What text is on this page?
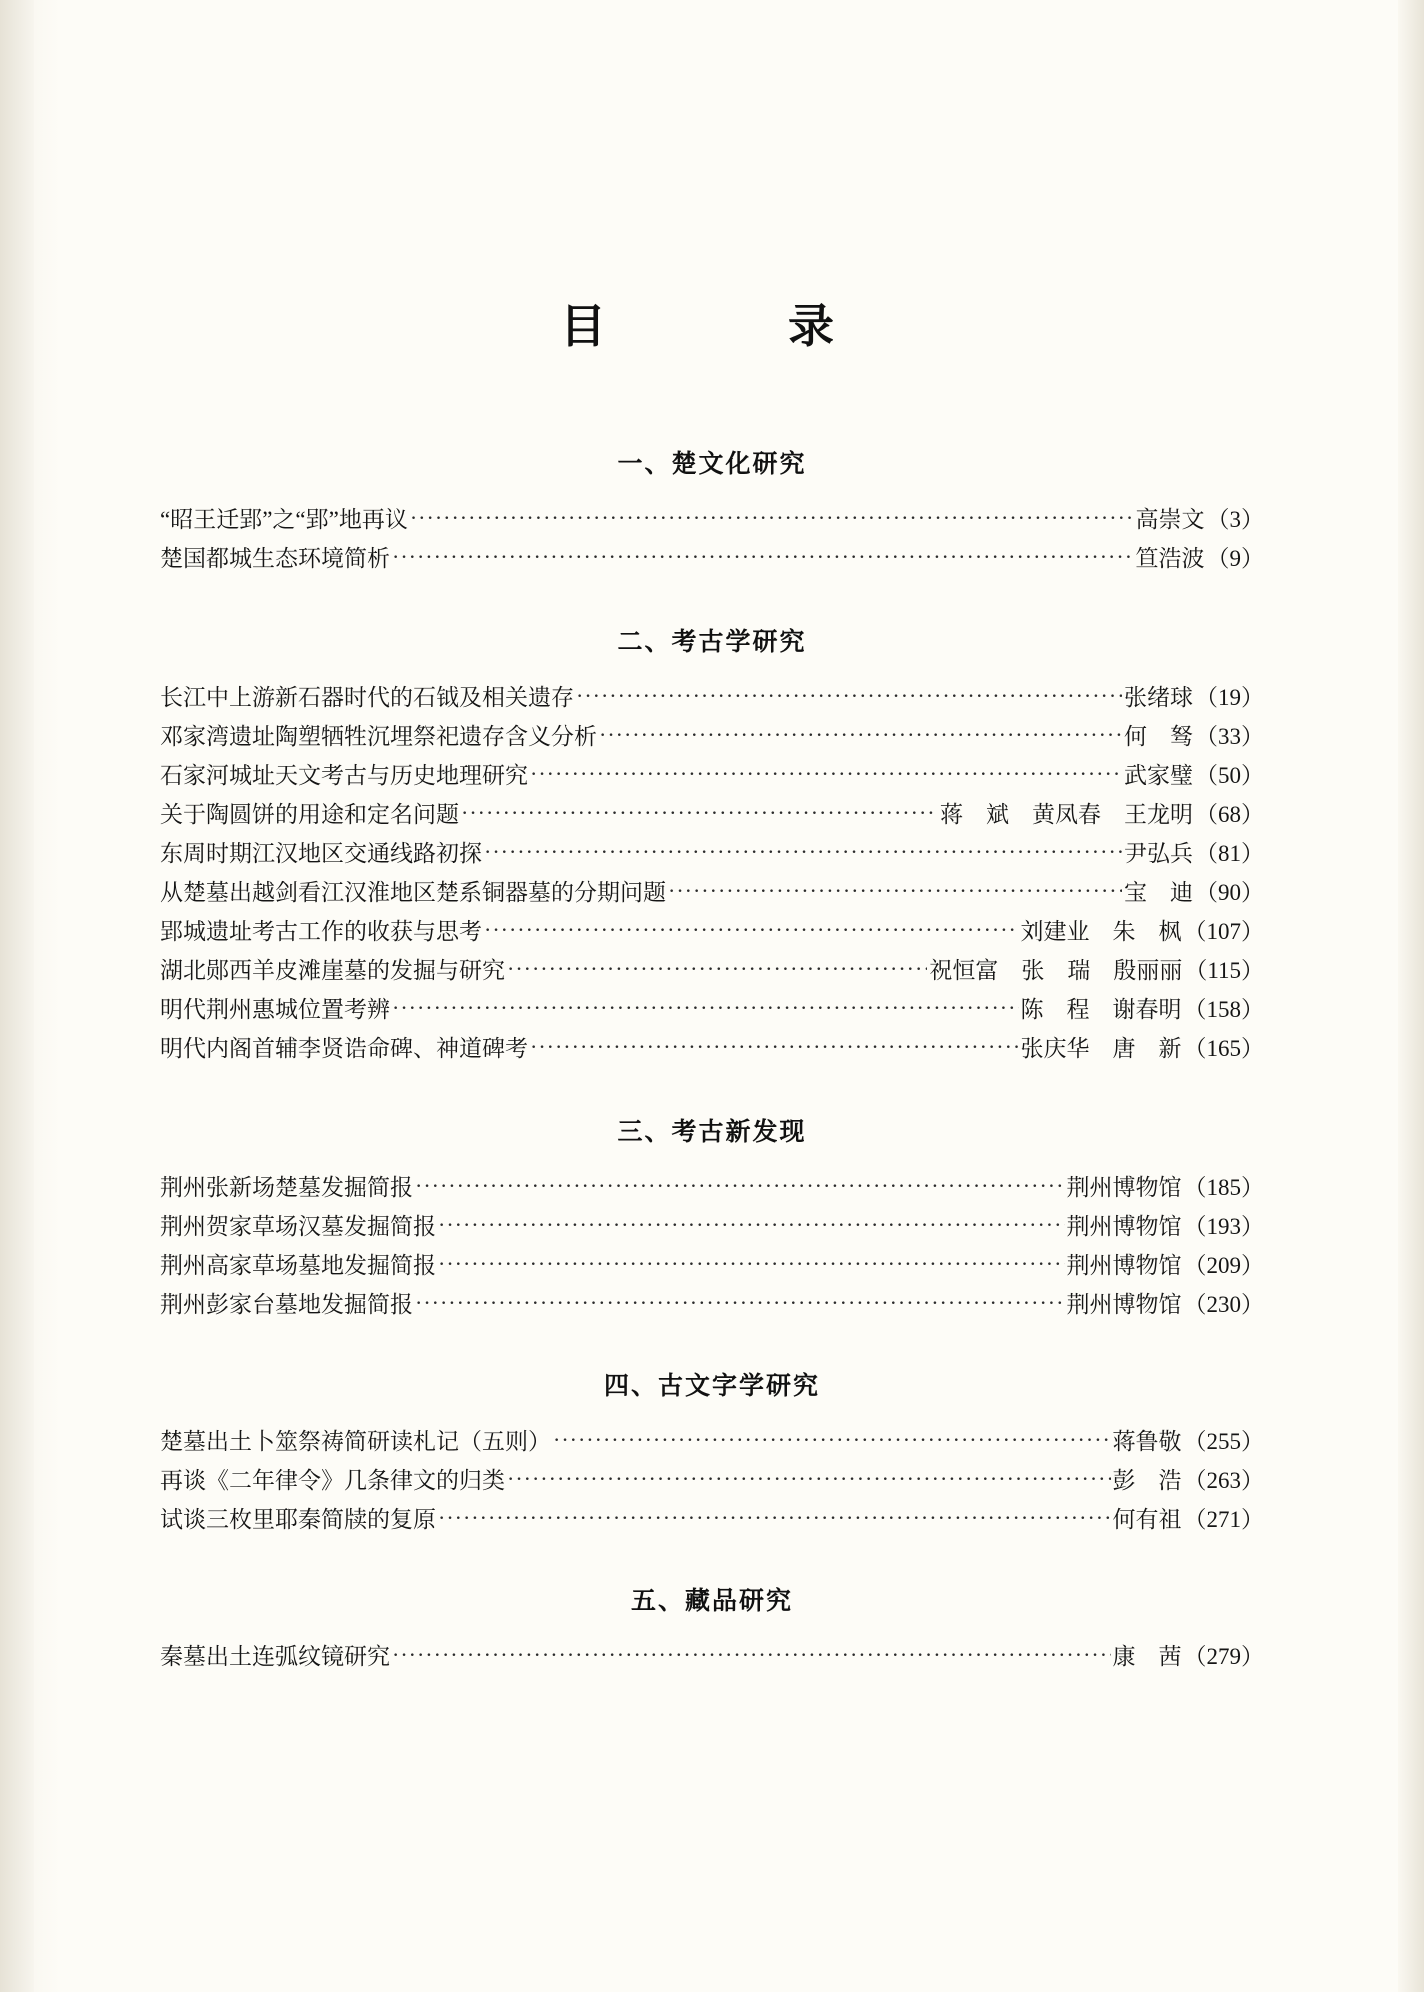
目　　录
一、楚文化研究
“昭王迁郢”之“郢”地再议 ·····	高崇文 （3）
楚国都城生态环境简析 ·····	笪浩波 （9）
二、考古学研究
长江中上游新石器时代的石钺及相关遗存 ·····	张绪球 （19）
邓家湾遗址陶塑牺牲沉埋祭祀遗存含义分析 ·····	何　驽 （33）
石家河城址天文考古与历史地理研究 ·····	武家璧 （50）
关于陶圆饼的用途和定名问题 ·····	蒋　斌　黄凤春　王龙明 （68）
东周时期江汉地区交通线路初探 ·····	尹弘兵 （81）
从楚墓出越剑看江汉淮地区楚系铜器墓的分期问题 ·····	宝　迪 （90）
郢城遗址考古工作的收获与思考 ·····	刘建业　朱　枫 （107）
湖北郧西羊皮滩崖墓的发掘与研究 ·····	祝恒富　张　瑞　殷丽丽 （115）
明代荆州惠城位置考辨 ·····	陈　程　谢春明 （158）
明代内阁首辅李贤诰命碑、神道碑考 ·····	张庆华　唐　新 （165）
三、考古新发现
荆州张新场楚墓发掘简报 ·····	荆州博物馆 （185）
荆州贺家草场汉墓发掘简报 ·····	荆州博物馆 （193）
荆州高家草场墓地发掘简报 ·····	荆州博物馆 （209）
荆州彭家台墓地发掘简报 ·····	荆州博物馆 （230）
四、古文字学研究
楚墓出土卜筮祭祷简研读札记（五则） ·····	蒋鲁敬 （255）
再谈《二年律令》几条律文的归类 ·····	彭　浩 （263）
试谈三枚里耶秦简牍的复原 ·····	何有祖 （271）
五、藏品研究
秦墓出土连弧纹镜研究 ·····	康　茜 （279）
